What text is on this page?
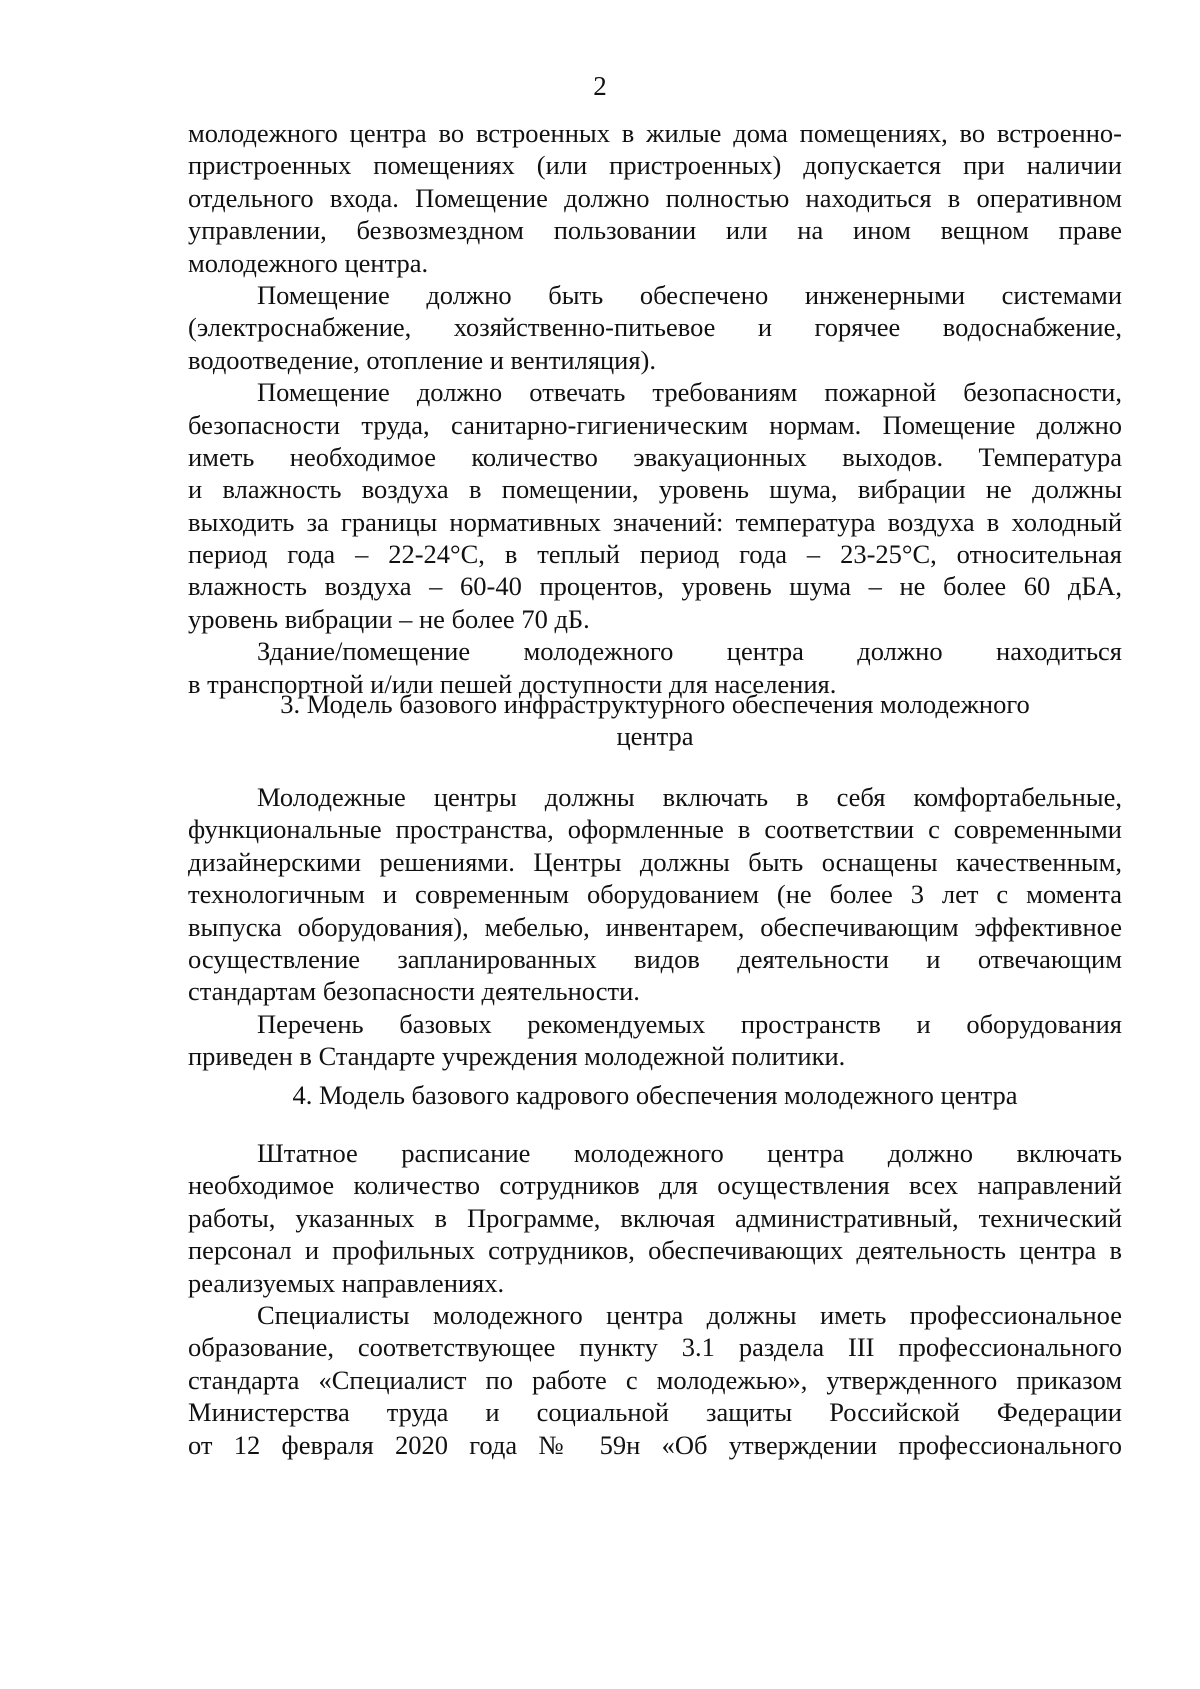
2
молодежного центра во встроенных в жилые дома помещениях, во встроенно-
пристроенных помещениях (или пристроенных) допускается при наличии
отдельного входа. Помещение должно полностью находиться в оперативном
управлении, безвозмездном пользовании или на ином вещном праве
молодежного центра.
Помещение должно быть обеспечено инженерными системами
(электроснабжение, хозяйственно-питьевое и горячее водоснабжение,
водоотведение, отопление и вентиляция).
Помещение должно отвечать требованиям пожарной безопасности,
безопасности труда, санитарно-гигиеническим нормам. Помещение должно
иметь необходимое количество эвакуационных выходов. Температура
и влажность воздуха в помещении, уровень шума, вибрации не должны
выходить за границы нормативных значений: температура воздуха в холодный
период года – 22-24°С, в теплый период года – 23-25°С, относительная
влажность воздуха – 60-40 процентов, уровень шума – не более 60 дБА,
уровень вибрации – не более 70 дБ.
Здание/помещение молодежного центра должно находиться
в транспортной и/или пешей доступности для населения.
3. Модель базового инфраструктурного обеспечения молодежного
центра
Молодежные центры должны включать в себя комфортабельные,
функциональные пространства, оформленные в соответствии с современными
дизайнерскими решениями. Центры должны быть оснащены качественным,
технологичным и современным оборудованием (не более 3 лет с момента
выпуска оборудования), мебелью, инвентарем, обеспечивающим эффективное
осуществление запланированных видов деятельности и отвечающим
стандартам безопасности деятельности.
Перечень базовых рекомендуемых пространств и оборудования
приведен в Стандарте учреждения молодежной политики.
4. Модель базового кадрового обеспечения молодежного центра
Штатное расписание молодежного центра должно включать
необходимое количество сотрудников для осуществления всех направлений
работы, указанных в Программе, включая административный, технический
персонал и профильных сотрудников, обеспечивающих деятельность центра в
реализуемых направлениях.
Специалисты молодежного центра должны иметь профессиональное
образование, соответствующее пункту 3.1 раздела III профессионального
стандарта «Специалист по работе с молодежью», утвержденного приказом
Министерства труда и социальной защиты Российской Федерации
от 12 февраля 2020 года № 59н «Об утверждении профессионального
